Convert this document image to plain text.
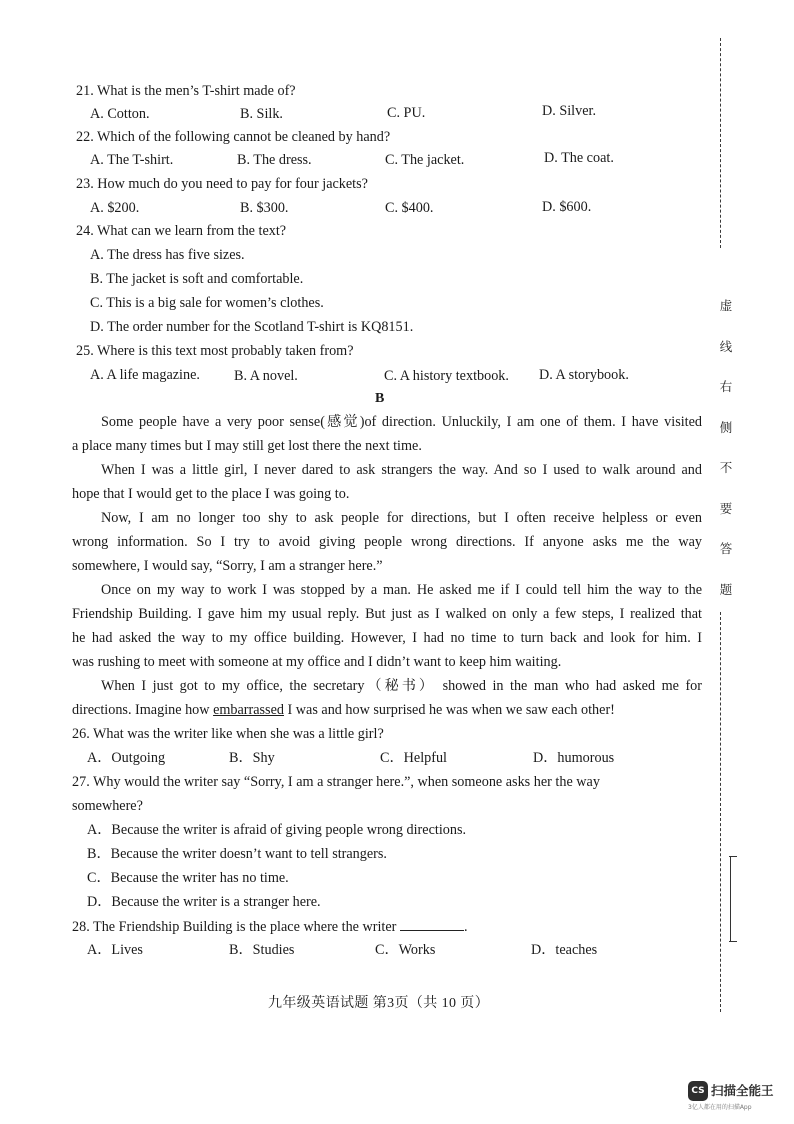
21. What is the men’s T-shirt made of?
A. Cotton.	B. Silk.	C. PU.	D. Silver.
22. Which of the following cannot be cleaned by hand?
A. The T-shirt.	B. The dress.	C. The jacket.	D. The coat.
23. How much do you need to pay for four jackets?
A. $200.	B. $300.	C. $400.	D. $600.
24. What can we learn from the text?
A. The dress has five sizes.
B. The jacket is soft and comfortable.
C. This is a big sale for women’s clothes.
D. The order number for the Scotland T-shirt is KQ8151.
25. Where is this text most probably taken from?
A. A life magazine. B. A novel.	C. A history textbook. D. A storybook.
B
Some people have a very poor sense(感觉)of direction. Unluckily, I am one of them. I have visited
a place many times but I may still get lost there the next time.
When I was a little girl, I never dared to ask strangers the way. And so I used to walk around and
hope that I would get to the place I was going to.
Now, I am no longer too shy to ask people for directions, but I often receive helpless or even
wrong information. So I try to avoid giving people wrong directions. If anyone asks me the way
somewhere, I would say, “Sorry, I am a stranger here.”
Once on my way to work I was stopped by a man. He asked me if I could tell him the way to the
Friendship Building. I gave him my usual reply. But just as I walked on only a few steps, I realized that
he had asked the way to my office building. However, I had no time to turn back and look for him. I
was rushing to meet with someone at my office and I didn’t want to keep him waiting.
When I just got to my office, the secretary（秘书） showed in the man who had asked me for
directions. Imagine how embarrassed I was and how surprised he was when we saw each other!
26. What was the writer like when she was a little girl?
A．Outgoing	B．Shy	C．Helpful	D．humorous
27. Why would the writer say “Sorry, I am a stranger here.”, when someone asks her the way
somewhere?
A．Because the writer is afraid of giving people wrong directions.
B．Because the writer doesn’t want to tell strangers.
C．Because the writer has no time.
D．Because the writer is a stranger here.
28. The Friendship Building is the place where the writer	.
A．Lives	B．Studies	C．Works	D．teaches
九年级英语试题 第3页（共 10 页）
虚
线
右
侧
不
要
答
题
CS 扫描全能王
3亿人都在用的扫描App
